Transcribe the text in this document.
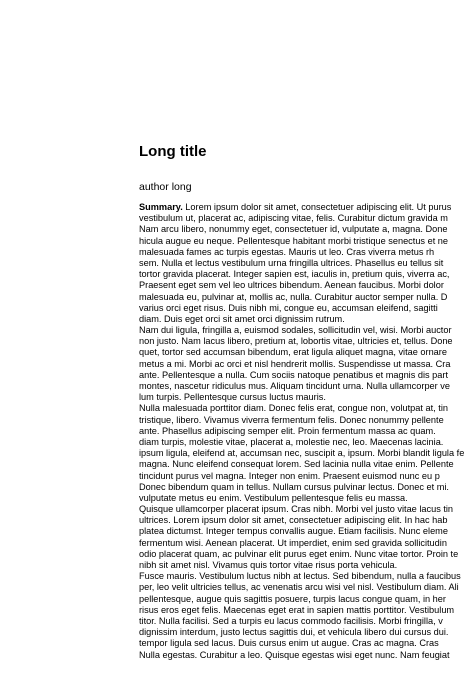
Long title

author long

Summary. Lorem ipsum dolor sit amet, consectetuer adipiscing elit. Ut purus
vestibulum ut, placerat ac, adipiscing vitae, felis. Curabitur dictum gravida m
Nam arcu libero, nonummy eget, consectetuer id, vulputate a, magna. Done
hicula augue eu neque. Pellentesque habitant morbi tristique senectus et ne
malesuada fames ac turpis egestas. Mauris ut leo. Cras viverra metus rh
sem. Nulla et lectus vestibulum urna fringilla ultrices. Phasellus eu tellus sit
tortor gravida placerat. Integer sapien est, iaculis in, pretium quis, viverra ac,
Praesent eget sem vel leo ultrices bibendum. Aenean faucibus. Morbi dolor
malesuada eu, pulvinar at, mollis ac, nulla. Curabitur auctor semper nulla. D
varius orci eget risus. Duis nibh mi, congue eu, accumsan eleifend, sagitti
diam. Duis eget orci sit amet orci dignissim rutrum.
Nam dui ligula, fringilla a, euismod sodales, sollicitudin vel, wisi. Morbi auctor
non justo. Nam lacus libero, pretium at, lobortis vitae, ultricies et, tellus. Done
quet, tortor sed accumsan bibendum, erat ligula aliquet magna, vitae ornare
metus a mi. Morbi ac orci et nisl hendrerit mollis. Suspendisse ut massa. Cra
ante. Pellentesque a nulla. Cum sociis natoque penatibus et magnis dis part
montes, nascetur ridiculus mus. Aliquam tincidunt urna. Nulla ullamcorper ve
lum turpis. Pellentesque cursus luctus mauris.
Nulla malesuada porttitor diam. Donec felis erat, congue non, volutpat at, tin
tristique, libero. Vivamus viverra fermentum felis. Donec nonummy pellente
ante. Phasellus adipiscing semper elit. Proin fermentum massa ac quam.
diam turpis, molestie vitae, placerat a, molestie nec, leo. Maecenas lacinia.
ipsum ligula, eleifend at, accumsan nec, suscipit a, ipsum. Morbi blandit ligula fe
magna. Nunc eleifend consequat lorem. Sed lacinia nulla vitae enim. Pellente
tincidunt purus vel magna. Integer non enim. Praesent euismod nunc eu p
Donec bibendum quam in tellus. Nullam cursus pulvinar lectus. Donec et mi.
vulputate metus eu enim. Vestibulum pellentesque felis eu massa.
Quisque ullamcorper placerat ipsum. Cras nibh. Morbi vel justo vitae lacus tin
ultrices. Lorem ipsum dolor sit amet, consectetuer adipiscing elit. In hac hab
platea dictumst. Integer tempus convallis augue. Etiam facilisis. Nunc eleme
fermentum wisi. Aenean placerat. Ut imperdiet, enim sed gravida sollicitudin
odio placerat quam, ac pulvinar elit purus eget enim. Nunc vitae tortor. Proin te
nibh sit amet nisl. Vivamus quis tortor vitae risus porta vehicula.
Fusce mauris. Vestibulum luctus nibh at lectus. Sed bibendum, nulla a faucibus
per, leo velit ultricies tellus, ac venenatis arcu wisi vel nisl. Vestibulum diam. Ali
pellentesque, augue quis sagittis posuere, turpis lacus congue quam, in her
risus eros eget felis. Maecenas eget erat in sapien mattis porttitor. Vestibulum
titor. Nulla facilisi. Sed a turpis eu lacus commodo facilisis. Morbi fringilla, v
dignissim interdum, justo lectus sagittis dui, et vehicula libero dui cursus dui.
tempor ligula sed lacus. Duis cursus enim ut augue. Cras ac magna. Cras
Nulla egestas. Curabitur a leo. Quisque egestas wisi eget nunc. Nam feugiat
